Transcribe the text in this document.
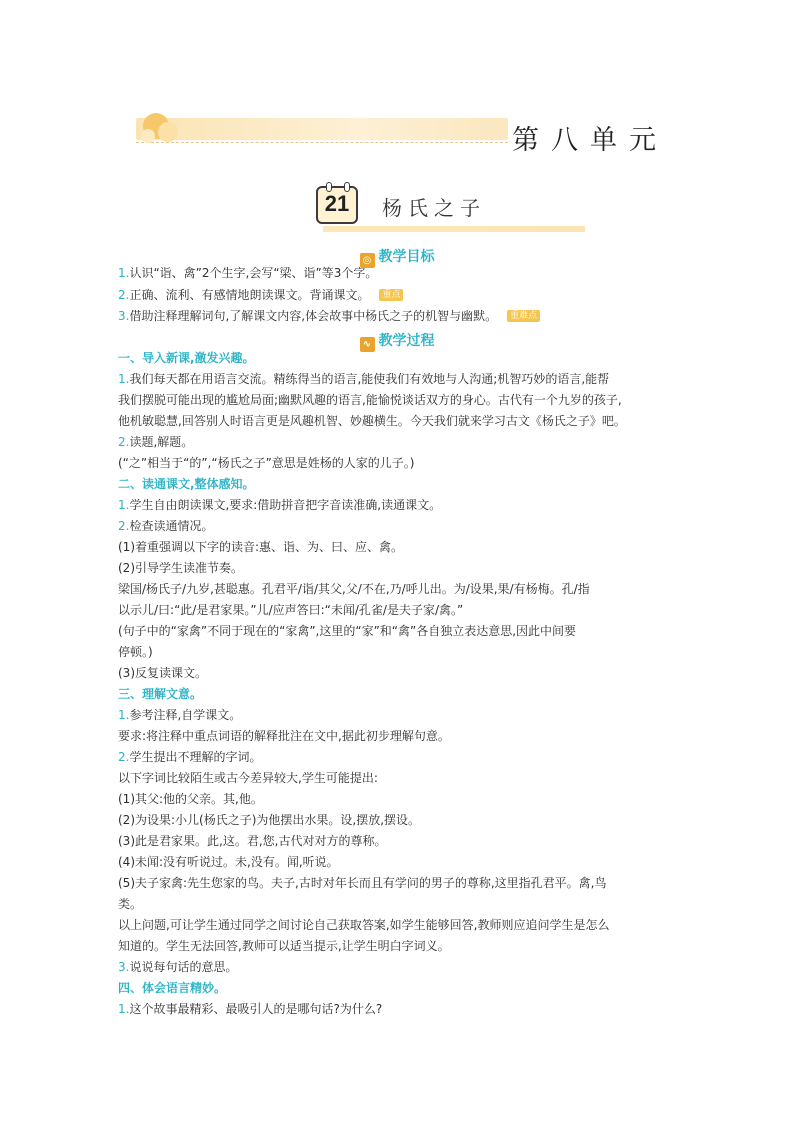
第八单元
21	杨氏之子
◎ 教学目标
1.认识“诣、禽”2个生字,会写“梁、诣”等3个字。
2.正确、流利、有感情地朗读课文。背诵课文。 重点
3.借助注释理解词句,了解课文内容,体会故事中杨氏之子的机智与幽默。 重难点
∿ 教学过程
一、导入新课,激发兴趣。
1.我们每天都在用语言交流。精练得当的语言,能使我们有效地与人沟通;机智巧妙的语言,能帮
我们摆脱可能出现的尴尬局面;幽默风趣的语言,能愉悦谈话双方的身心。古代有一个九岁的孩子,
他机敏聪慧,回答别人时语言更是风趣机智、妙趣横生。今天我们就来学习古文《杨氏之子》吧。
2.读题,解题。
(“之”相当于“的”,“杨氏之子”意思是姓杨的人家的儿子。)
二、读通课文,整体感知。
1.学生自由朗读课文,要求:借助拼音把字音读准确,读通课文。
2.检查读通情况。
(1)着重强调以下字的读音:惠、诣、为、曰、应、禽。
(2)引导学生读准节奏。
梁国/杨氏子/九岁,甚聪惠。孔君平/诣/其父,父/不在,乃/呼儿出。为/设果,果/有杨梅。孔/指
以示儿/曰:“此/是君家果。”儿/应声答曰:“未闻/孔雀/是夫子家/禽。”
(句子中的“家禽”不同于现在的“家禽”,这里的“家”和“禽”各自独立表达意思,因此中间要
停顿。)
(3)反复读课文。
三、理解文意。
1.参考注释,自学课文。
要求:将注释中重点词语的解释批注在文中,据此初步理解句意。
2.学生提出不理解的字词。
以下字词比较陌生或古今差异较大,学生可能提出:
(1)其父:他的父亲。其,他。
(2)为设果:小儿(杨氏之子)为他摆出水果。设,摆放,摆设。
(3)此是君家果。此,这。君,您,古代对对方的尊称。
(4)未闻:没有听说过。未,没有。闻,听说。
(5)夫子家禽:先生您家的鸟。夫子,古时对年长而且有学问的男子的尊称,这里指孔君平。禽,鸟
类。
以上问题,可让学生通过同学之间讨论自己获取答案,如学生能够回答,教师则应追问学生是怎么
知道的。学生无法回答,教师可以适当提示,让学生明白字词义。
3.说说每句话的意思。
四、体会语言精妙。
1.这个故事最精彩、最吸引人的是哪句话?为什么?
